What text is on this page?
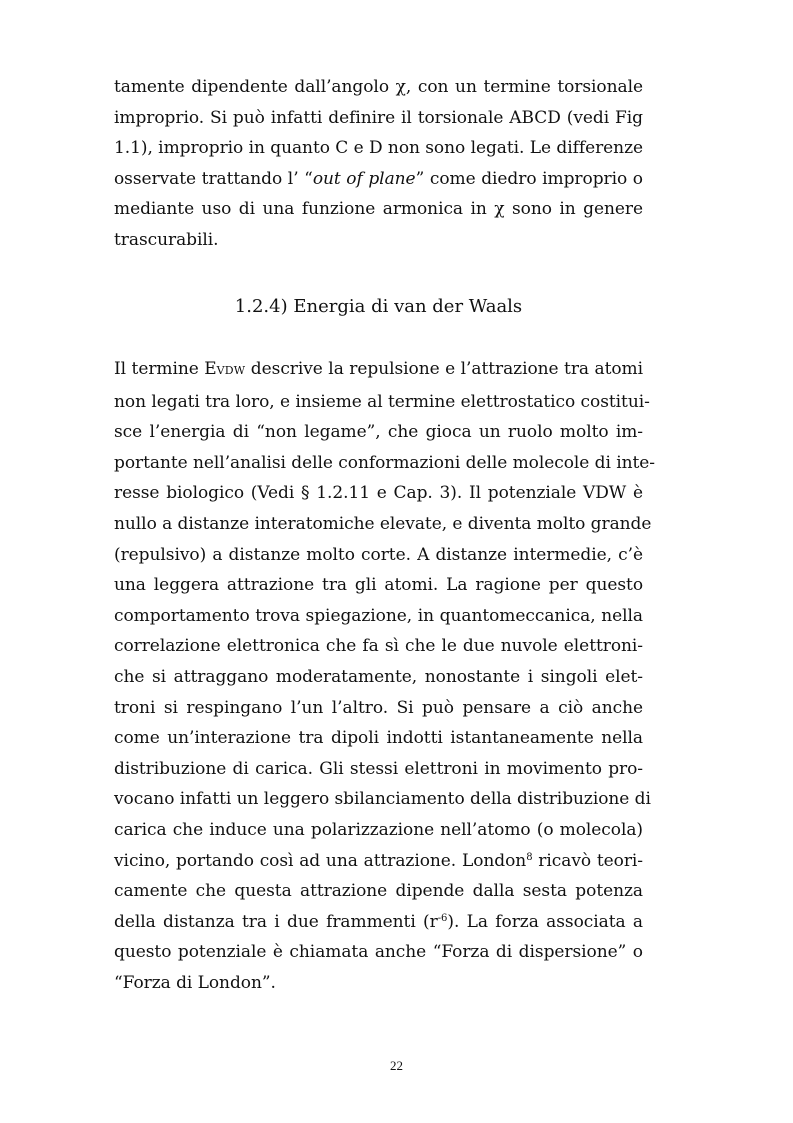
tamente dipendente dall’angolo χ, con un termine torsionale
improprio. Si può infatti definire il torsionale ABCD (vedi Fig
1.1), improprio in quanto C e D non sono legati. Le differenze
osservate trattando l’ “out of plane” come diedro improprio o
mediante uso di una funzione armonica in χ sono in genere
trascurabili.

1.2.4) Energia di van der Waals

Il termine EVDW descrive la repulsione e l’attrazione tra atomi
non legati tra loro, e insieme al termine elettrostatico costitui-
sce l’energia di “non legame”, che gioca un ruolo molto im-
portante nell’analisi delle conformazioni delle molecole di inte-
resse biologico (Vedi § 1.2.11 e Cap. 3). Il potenziale VDW è
nullo a distanze interatomiche elevate, e diventa molto grande
(repulsivo) a distanze molto corte. A distanze intermedie, c’è
una leggera attrazione tra gli atomi. La ragione per questo
comportamento trova spiegazione, in quantomeccanica, nella
correlazione elettronica che fa sì che le due nuvole elettroni-
che si attraggano moderatamente, nonostante i singoli elet-
troni si respingano l’un l’altro. Si può pensare a ciò anche
come un’interazione tra dipoli indotti istantaneamente nella
distribuzione di carica. Gli stessi elettroni in movimento pro-
vocano infatti un leggero sbilanciamento della distribuzione di
carica che induce una polarizzazione nell’atomo (o molecola)
vicino, portando così ad una attrazione. London$^8$ ricavò teori-
camente che questa attrazione dipende dalla sesta potenza
della distanza tra i due frammenti $(r^{-6})$. La forza associata a
questo potenziale è chiamata anche “Forza di dispersione” o
“Forza di London”.

22
